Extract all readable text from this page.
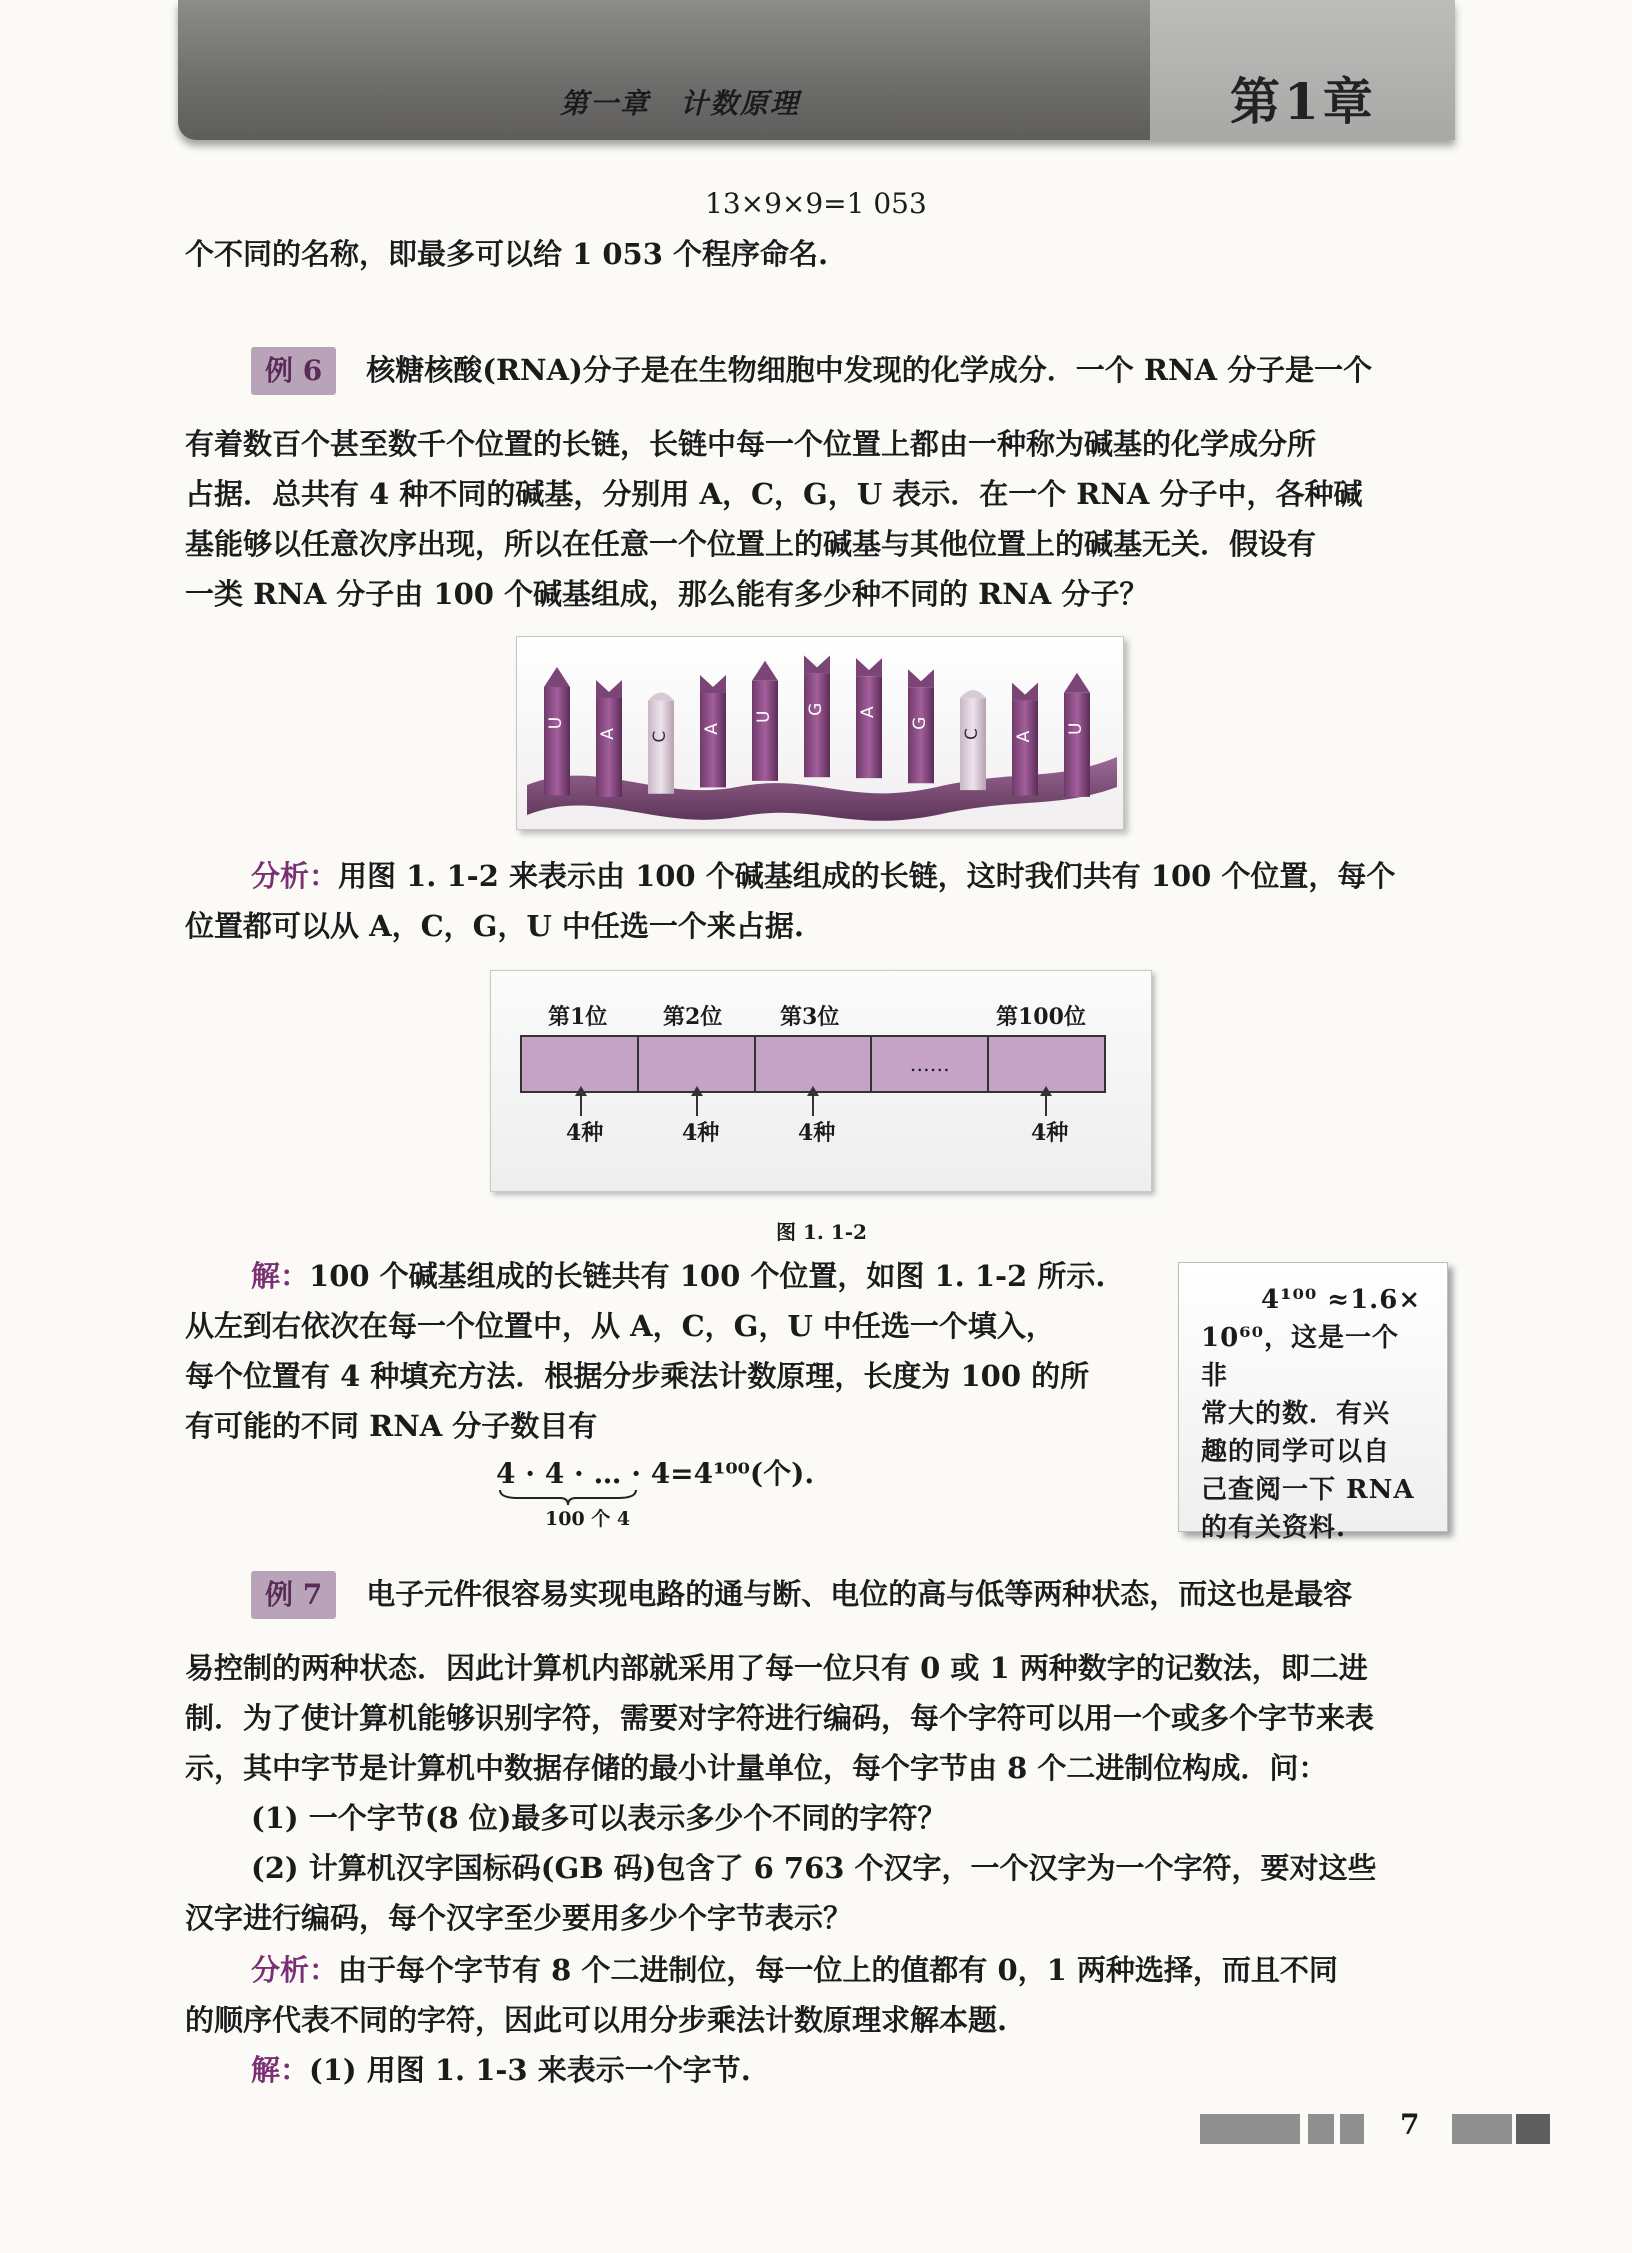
第一章　计数原理	第1章
13×9×9=1 053
个不同的名称，即最多可以给 1 053 个程序命名.
例 6 核糖核酸(RNA)分子是在生物细胞中发现的化学成分．一个 RNA 分子是一个
有着数百个甚至数千个位置的长链，长链中每一个位置上都由一种称为碱基的化学成分所
占据．总共有 4 种不同的碱基，分别用 A，C，G，U 表示．在一个 RNA 分子中，各种碱
基能够以任意次序出现，所以在任意一个位置上的碱基与其他位置上的碱基无关．假设有
一类 RNA 分子由 100 个碱基组成，那么能有多少种不同的 RNA 分子？
U
A C
A
U
G A
G
C A
U
分析：用图 1. 1-2 来表示由 100 个碱基组成的长链，这时我们共有 100 个位置，每个
位置都可以从 A，C，G，U 中任选一个来占据.
第1位	第2位	第3位	第100位
……
4种	4种	4种	4种
图 1. 1-2
解：100 个碱基组成的长链共有 100 个位置，如图 1. 1-2 所示.
从左到右依次在每一个位置中，从 A，C，G，U 中任选一个填入，
每个位置有 4 种填充方法．根据分步乘法计数原理，长度为 100 的所
有可能的不同 RNA 分子数目有
4 · 4 · … · 4=4¹⁰⁰(个).
100 个 4
4¹⁰⁰ ≈1.6×
10⁶⁰，这是一个非
常大的数．有兴
趣的同学可以自
己查阅一下 RNA
的有关资料.
例 7 电子元件很容易实现电路的通与断、电位的高与低等两种状态，而这也是最容
易控制的两种状态．因此计算机内部就采用了每一位只有 0 或 1 两种数字的记数法，即二进
制．为了使计算机能够识别字符，需要对字符进行编码，每个字符可以用一个或多个字节来表
示，其中字节是计算机中数据存储的最小计量单位，每个字节由 8 个二进制位构成．问：
(1) 一个字节(8 位)最多可以表示多少个不同的字符？
(2) 计算机汉字国标码(GB 码)包含了 6 763 个汉字，一个汉字为一个字符，要对这些
汉字进行编码，每个汉字至少要用多少个字节表示？
分析：由于每个字节有 8 个二进制位，每一位上的值都有 0，1 两种选择，而且不同
的顺序代表不同的字符，因此可以用分步乘法计数原理求解本题.
解：(1) 用图 1. 1-3 来表示一个字节.
7
